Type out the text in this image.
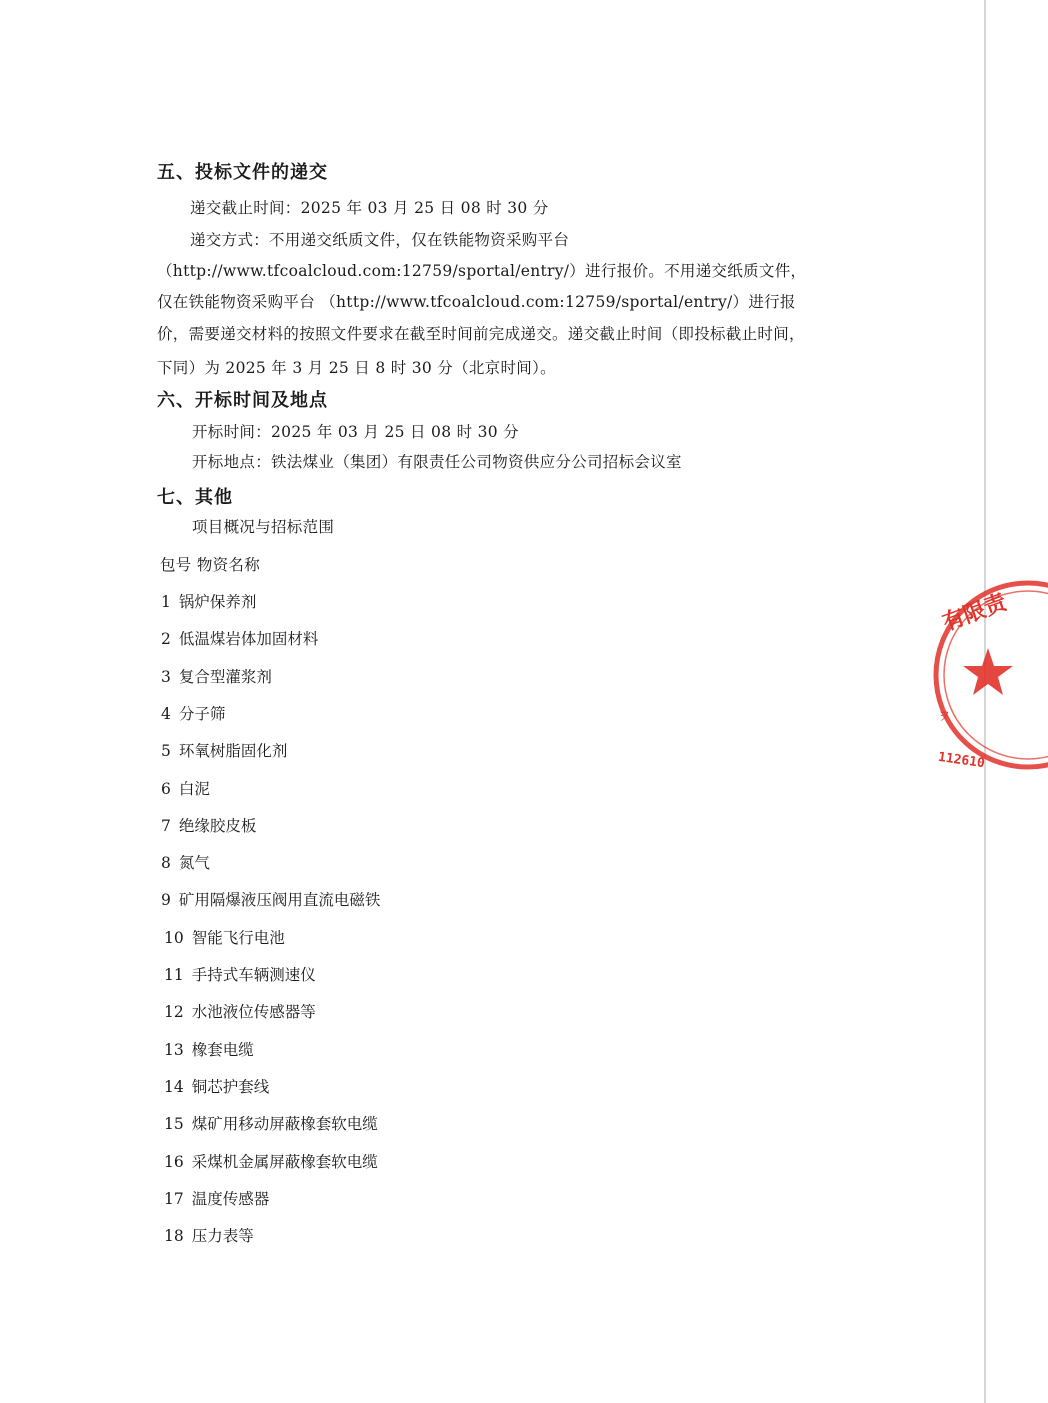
五、投标文件的递交
递交截止时间：2025 年 03 月 25 日 08 时 30 分
递交方式：不用递交纸质文件，仅在铁能物资采购平台
（http://www.tfcoalcloud.com:12759/sportal/entry/）进行报价。不用递交纸质文件，
仅在铁能物资采购平台 （http://www.tfcoalcloud.com:12759/sportal/entry/）进行报
价，需要递交材料的按照文件要求在截至时间前完成递交。递交截止时间（即投标截止时间，
下同）为 2025 年 3 月 25 日 8 时 30 分（北京时间）。
六、开标时间及地点
开标时间：2025 年 03 月 25 日 08 时 30 分
开标地点：铁法煤业（集团）有限责任公司物资供应分公司招标会议室
七、其他
项目概况与招标范围
包号 物资名称
1 锅炉保养剂
2 低温煤岩体加固材料
3 复合型灌浆剂
4 分子筛
5 环氧树脂固化剂
6 白泥
7 绝缘胶皮板
8 氮气
9 矿用隔爆液压阀用直流电磁铁
10 智能飞行电池
11 手持式车辆测速仪
12 水池液位传感器等
13 橡套电缆
14 铜芯护套线
15 煤矿用移动屏蔽橡套软电缆
16 采煤机金属屏蔽橡套软电缆
17 温度传感器
18 压力表等
有限责
112610
ヲ
